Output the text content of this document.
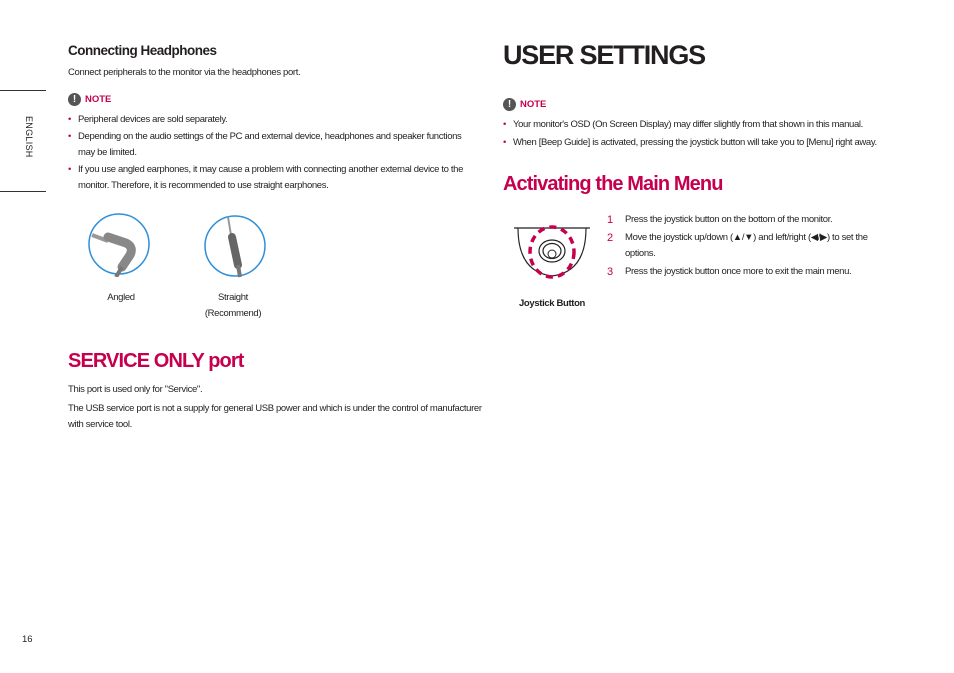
ENGLISH
16
Connecting Headphones
Connect peripherals to the monitor via the headphones port.
! NOTE
• Peripheral devices are sold separately.
• Depending on the audio settings of the PC and external device, headphones and speaker functions may be limited.
• If you use angled earphones, it may cause a problem with connecting another external device to the monitor. Therefore, it is recommended to use straight earphones.
Angled	Straight
(Recommend)
SERVICE ONLY port
This port is used only for "Service".
The USB service port is not a supply for general USB power and which is under the control of manufacturer with service tool.
USER SETTINGS
! NOTE
• Your monitor's OSD (On Screen Display) may differ slightly from that shown in this manual.
• When [Beep Guide] is activated, pressing the joystick button will take you to [Menu] right away.
Activating the Main Menu
Joystick Button
1	Press the joystick button on the bottom of the monitor.
2	Move the joystick up/down (▲/▼) and left/right (◀/▶) to set the options.
3	Press the joystick button once more to exit the main menu.
